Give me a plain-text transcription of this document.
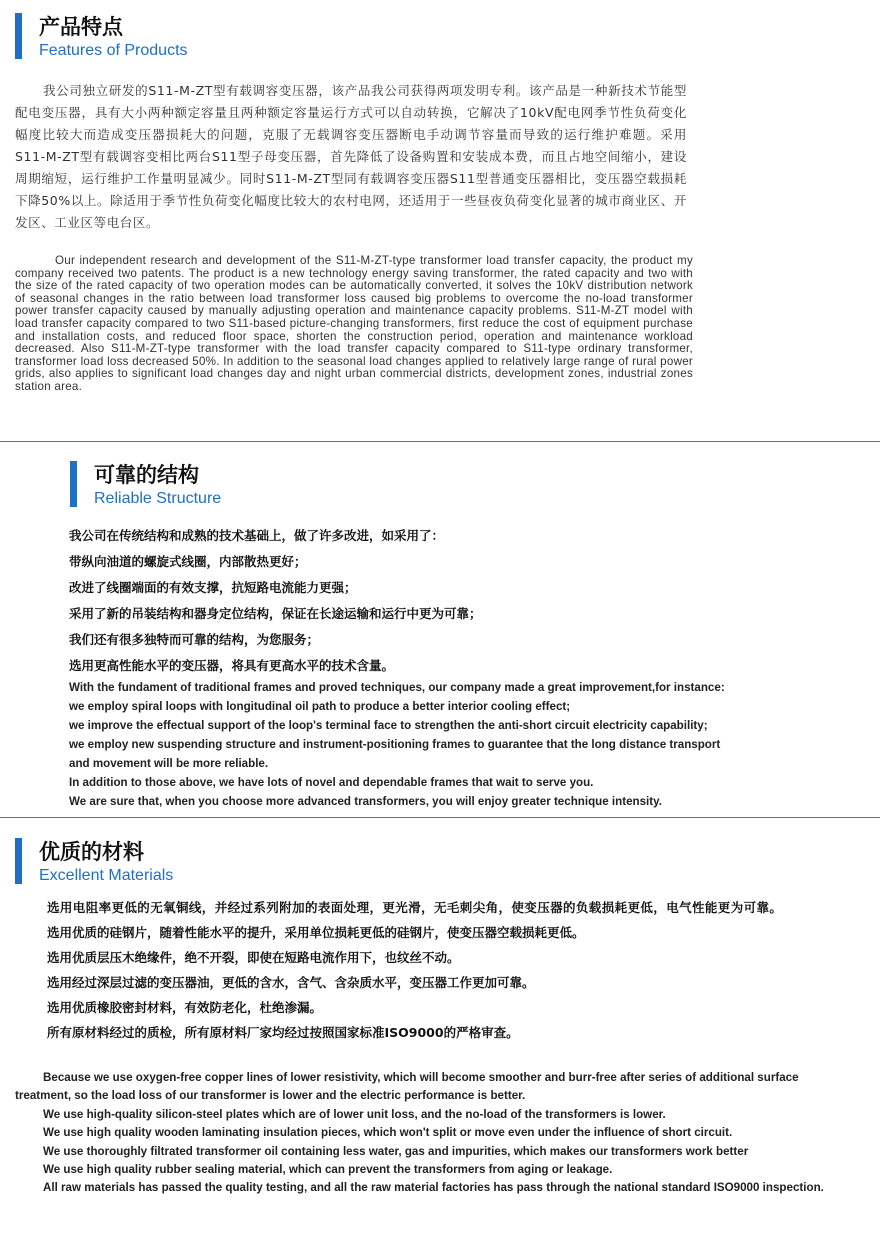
产品特点
Features of Products

我公司独立研发的S11-M-ZT型有载调容变压器，该产品我公司获得两项发明专利。该产品是一种新技术节能型配电变压器，具有大小两种额定容量且两种额定容量运行方式可以自动转换，它解决了10kV配电网季节性负荷变化幅度比较大而造成变压器损耗大的问题，克服了无载调容变压器断电手动调节容量而导致的运行维护难题。采用S11-M-ZT型有载调容变相比两台S11型子母变压器，首先降低了设备购置和安装成本费，而且占地空间缩小，建设周期缩短，运行维护工作量明显减少。同时S11-M-ZT型同有载调容变压器S11型普通变压器相比，变压器空载损耗下降50%以上。除适用于季节性负荷变化幅度比较大的农村电网，还适用于一些昼夜负荷变化显著的城市商业区、开发区、工业区等电台区。

Our independent research and development of the S11-M-ZT-type transformer load transfer capacity, the product my company received two patents. The product is a new technology energy saving transformer, the rated capacity and two with the size of the rated capacity of two operation modes can be automatically converted, it solves the 10kV distribution network of seasonal changes in the ratio between load transformer loss caused big problems to overcome the no-load transformer power transfer capacity caused by manually adjusting operation and maintenance capacity problems. S11-M-ZT model with load transfer capacity compared to two S11-based picture-changing transformers, first reduce the cost of equipment purchase and installation costs, and reduced floor space, shorten the construction period, operation and maintenance workload decreased. Also S11-M-ZT-type transformer with the load transfer capacity compared to S11-type ordinary transformer, transformer load loss decreased 50%. In addition to the seasonal load changes applied to relatively large range of rural power grids, also applies to significant load changes day and night urban commercial districts, development zones, industrial zones station area.

可靠的结构
Reliable Structure
我公司在传统结构和成熟的技术基础上，做了许多改进，如采用了：
带纵向油道的螺旋式线圈，内部散热更好；
改进了线圈端面的有效支撑，抗短路电流能力更强；
采用了新的吊装结构和器身定位结构，保证在长途运输和运行中更为可靠；
我们还有很多独特而可靠的结构，为您服务；
选用更高性能水平的变压器，将具有更高水平的技术含量。
With the fundament of traditional frames and proved techniques, our company made a great improvement,for instance:
we employ spiral loops with longitudinal oil path to produce a better interior cooling effect;
we improve the effectual support of the loop's terminal face to strengthen the anti-short circuit electricity capability;
we employ new suspending structure and instrument-positioning frames to guarantee that the long distance transport
and movement will be more reliable.
In addition to those above, we have lots of novel and dependable frames that wait to serve you.
We are sure that, when you choose more advanced transformers, you will enjoy greater technique intensity.
优质的材料
Excellent Materials

选用电阻率更低的无氧铜线，并经过系列附加的表面处理，更光滑，无毛刺尖角，使变压器的负载损耗更低，电气性能更为可靠。

选用优质的硅钢片，随着性能水平的提升，采用单位损耗更低的硅钢片，使变压器空载损耗更低。
选用优质层压木绝缘件，绝不开裂，即使在短路电流作用下，也纹丝不动。
选用经过深层过滤的变压器油，更低的含水，含气、含杂质水平，变压器工作更加可靠。
选用优质橡胶密封材料，有效防老化，杜绝渗漏。
所有原材料经过的质检，所有原材料厂家均经过按照国家标准ISO9000的严格审查。

Because we use oxygen-free copper lines of lower resistivity, which will become smoother and burr-free after series of additional surface treatment, so the load loss of our transformer is lower and the electric performance is better.

We use high-quality silicon-steel plates which are of lower unit loss, and the no-load of the transformers is lower.
We use high quality wooden laminating insulation pieces, which won't split or move even under the influence of short circuit.
We use thoroughly filtrated transformer oil containing less water, gas and impurities, which makes our transformers work better
We use high quality rubber sealing material, which can prevent the transformers from aging or leakage.

All raw materials has passed the quality testing, and all the raw material factories has pass through the national standard ISO9000 inspection.
